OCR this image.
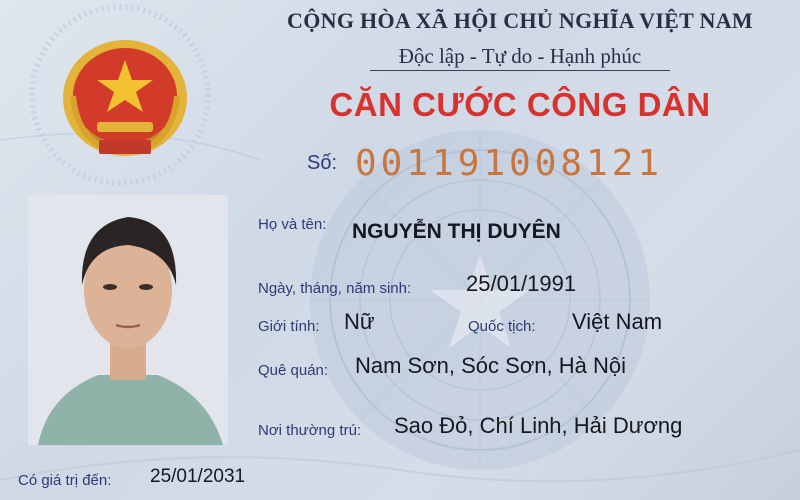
CỘNG HÒA XÃ HỘI CHỦ NGHĨA VIỆT NAM
Độc lập - Tự do - Hạnh phúc
CĂN CƯỚC CÔNG DÂN
Số: 001191008121
Họ và tên: NGUYỄN THỊ DUYÊN
Ngày, tháng, năm sinh: 25/01/1991
Giới tính: Nữ	Quốc tịch: Việt Nam
Quê quán: Nam Sơn, Sóc Sơn, Hà Nội
Nơi thường trú: Sao Đỏ, Chí Linh, Hải Dương
Có giá trị đến: 25/01/2031
